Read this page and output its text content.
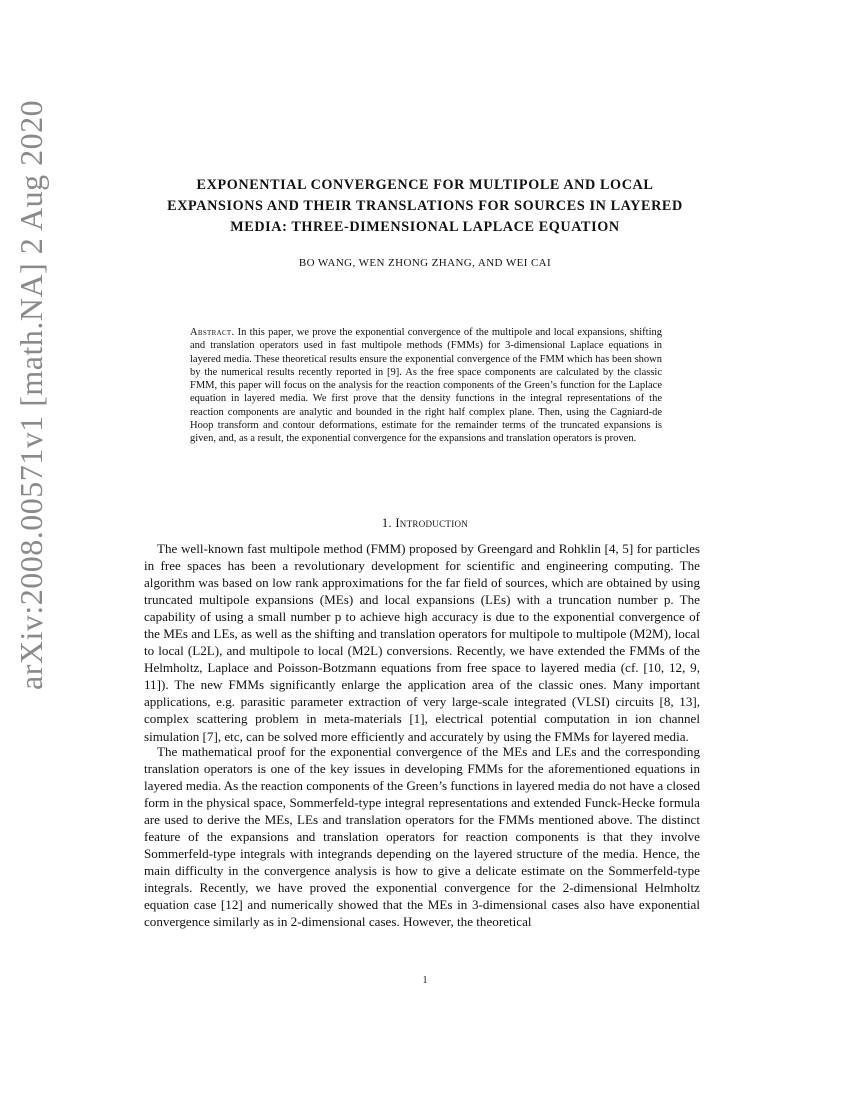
arXiv:2008.00571v1 [math.NA] 2 Aug 2020	EXPONENTIAL CONVERGENCE FOR MULTIPOLE AND LOCAL EXPANSIONS AND THEIR TRANSLATIONS FOR SOURCES IN LAYERED MEDIA: THREE-DIMENSIONAL LAPLACE EQUATION
BO WANG, WEN ZHONG ZHANG, AND WEI CAI
Abstract. In this paper, we prove the exponential convergence of the multipole and local expansions, shifting and translation operators used in fast multipole methods (FMMs) for 3-dimensional Laplace equations in layered media. These theoretical results ensure the exponential convergence of the FMM which has been shown by the numerical results recently reported in [9]. As the free space components are calculated by the classic FMM, this paper will focus on the analysis for the reaction components of the Green’s function for the Laplace equation in layered media. We first prove that the density functions in the integral representations of the reaction components are analytic and bounded in the right half complex plane. Then, using the Cagniard-de Hoop transform and contour deformations, estimate for the remainder terms of the truncated expansions is given, and, as a result, the exponential convergence for the expansions and translation operators is proven.
1. Introduction

The well-known fast multipole method (FMM) proposed by Greengard and Rohklin [4, 5] for particles in free spaces has been a revolutionary development for scientific and engineering computing. The algorithm was based on low rank approximations for the far field of sources, which are obtained by using truncated multipole expansions (MEs) and local expansions (LEs) with a truncation number p. The capability of using a small number p to achieve high accuracy is due to the exponential convergence of the MEs and LEs, as well as the shifting and translation operators for multipole to multipole (M2M), local to local (L2L), and multipole to local (M2L) conversions. Recently, we have extended the FMMs of the Helmholtz, Laplace and Poisson-Botzmann equations from free space to layered media (cf. [10, 12, 9, 11]). The new FMMs significantly enlarge the application area of the classic ones. Many important applications, e.g. parasitic parameter extraction of very large-scale integrated (VLSI) circuits [8, 13], complex scattering problem in meta-materials [1], electrical potential computation in ion channel simulation [7], etc, can be solved more efficiently and accurately by using the FMMs for layered media.

The mathematical proof for the exponential convergence of the MEs and LEs and the corresponding translation operators is one of the key issues in developing FMMs for the aforementioned equations in layered media. As the reaction components of the Green’s functions in layered media do not have a closed form in the physical space, Sommerfeld-type integral representations and extended Funck-Hecke formula are used to derive the MEs, LEs and translation operators for the FMMs mentioned above. The distinct feature of the expansions and translation operators for reaction components is that they involve Sommerfeld-type integrals with integrands depending on the layered structure of the media. Hence, the main difficulty in the convergence analysis is how to give a delicate estimate on the Sommerfeld-type integrals. Recently, we have proved the exponential convergence for the 2-dimensional Helmholtz equation case [12] and numerically showed that the MEs in 3-dimensional cases also have exponential convergence similarly as in 2-dimensional cases. However, the theoretical

1
